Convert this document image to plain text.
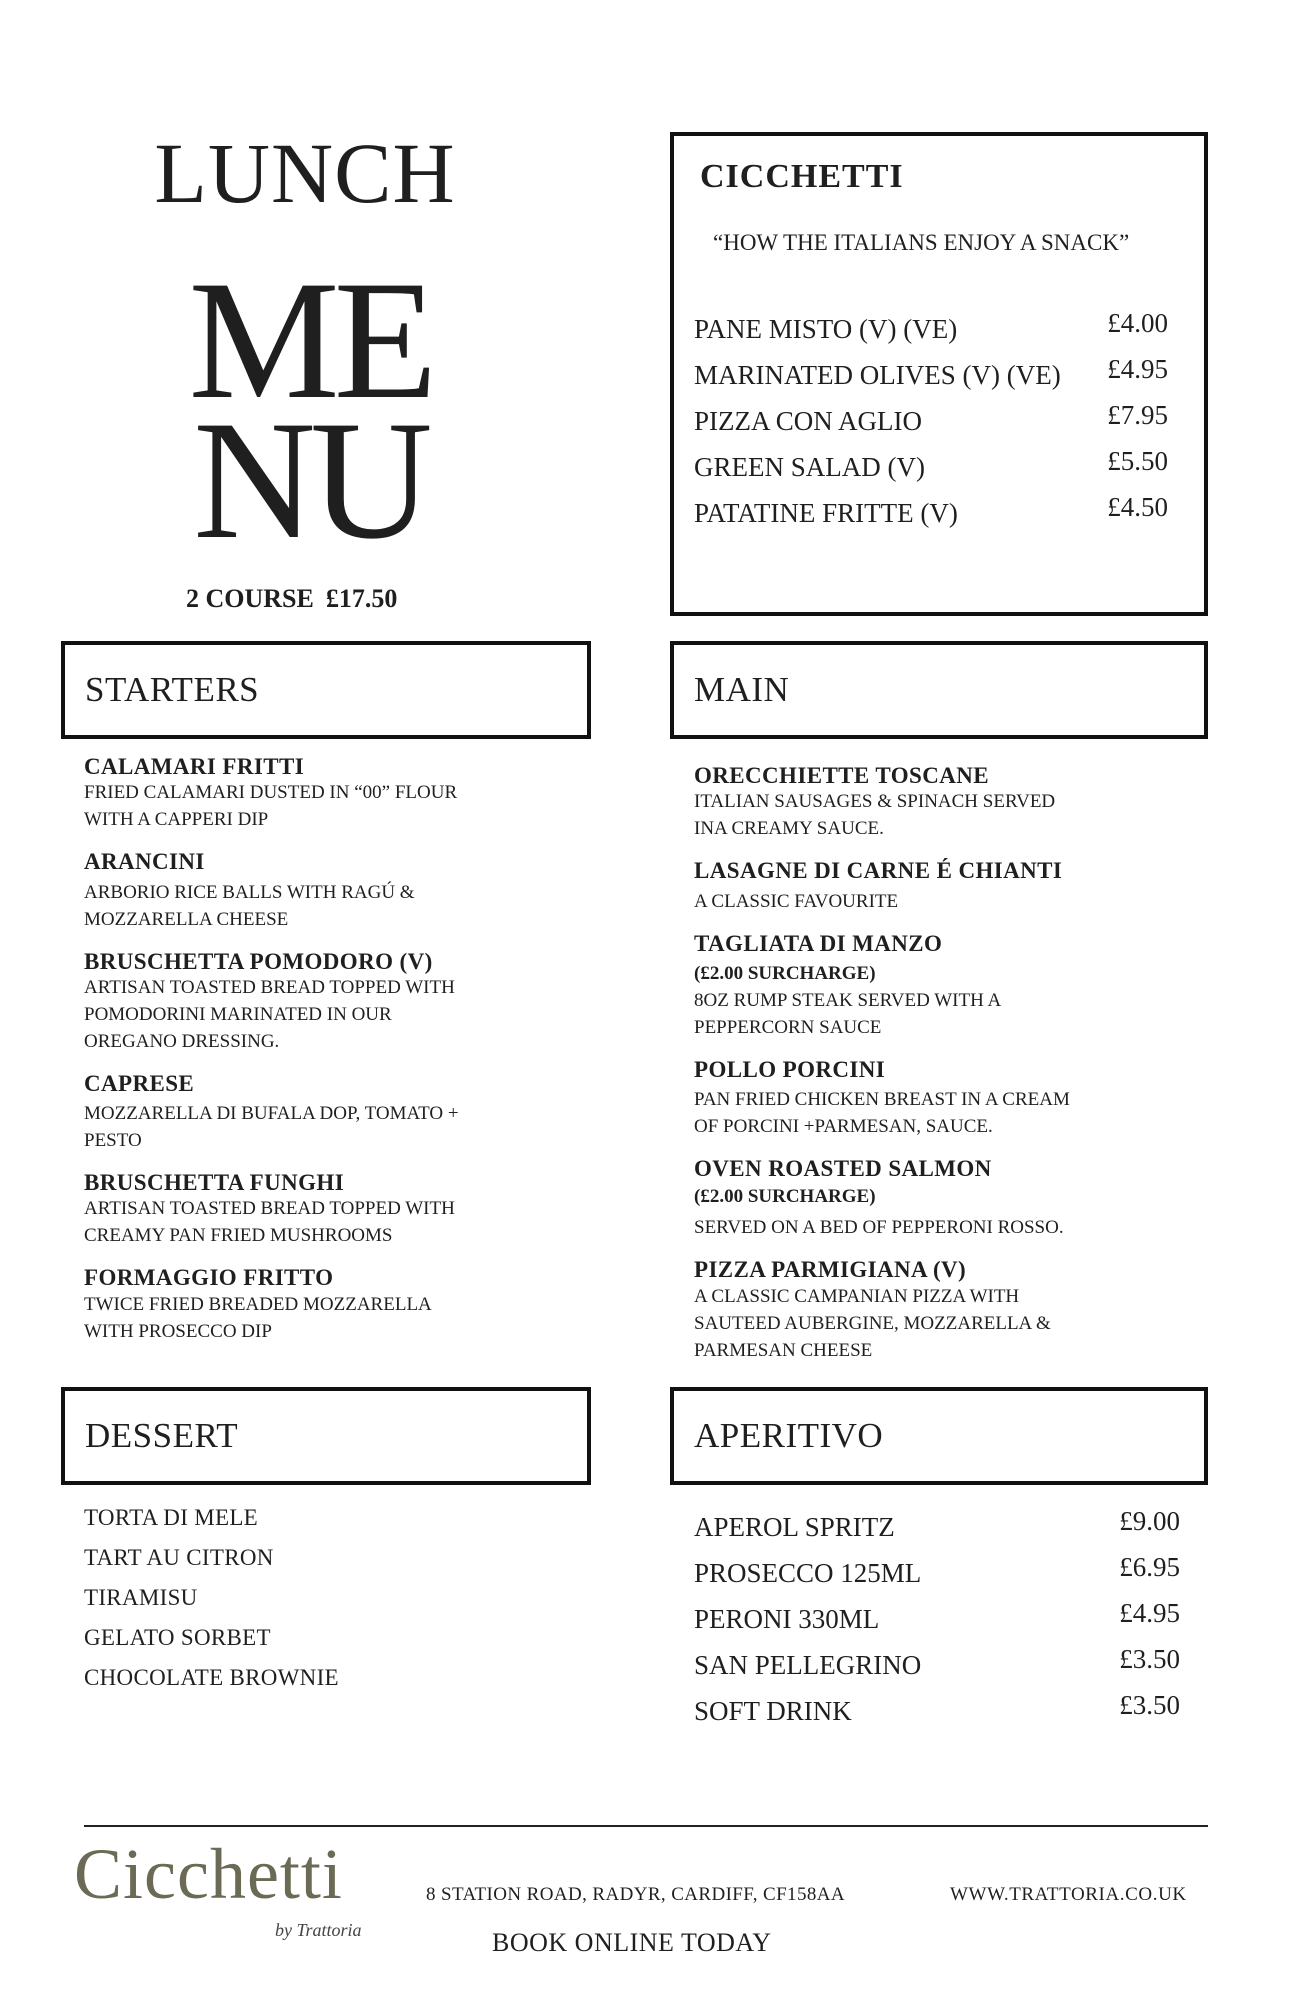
LUNCH
ME
NU
2 COURSE £17.50
CICCHETTI
“HOW THE ITALIANS ENJOY A SNACK”
PANE MISTO (V) (VE)	£4.00
MARINATED OLIVES (V) (VE) £4.95
PIZZA CON AGLIO	£7.95
GREEN SALAD (V)	£5.50
PATATINE FRITTE (V)	£4.50
STARTERS
CALAMARI FRITTI
FRIED CALAMARI DUSTED IN “00” FLOUR
WITH A CAPPERI DIP
ARANCINI
ARBORIO RICE BALLS WITH RAGÚ &
MOZZARELLA CHEESE
BRUSCHETTA POMODORO (V)
ARTISAN TOASTED BREAD TOPPED WITH
POMODORINI MARINATED IN OUR
OREGANO DRESSING.
CAPRESE
MOZZARELLA DI BUFALA DOP, TOMATO +
PESTO
BRUSCHETTA FUNGHI
ARTISAN TOASTED BREAD TOPPED WITH
CREAMY PAN FRIED MUSHROOMS
FORMAGGIO FRITTO
TWICE FRIED BREADED MOZZARELLA
WITH PROSECCO DIP
MAIN
ORECCHIETTE TOSCANE
ITALIAN SAUSAGES & SPINACH SERVED
INA CREAMY SAUCE.
LASAGNE DI CARNE É CHIANTI
A CLASSIC FAVOURITE
TAGLIATA DI MANZO
(£2.00 SURCHARGE)
8OZ RUMP STEAK SERVED WITH A
PEPPERCORN SAUCE
POLLO PORCINI
PAN FRIED CHICKEN BREAST IN A CREAM
OF PORCINI +PARMESAN, SAUCE.
OVEN ROASTED SALMON
(£2.00 SURCHARGE)
SERVED ON A BED OF PEPPERONI ROSSO.
PIZZA PARMIGIANA (V)
A CLASSIC CAMPANIAN PIZZA WITH
SAUTEED AUBERGINE, MOZZARELLA &
PARMESAN CHEESE
DESSERT
TORTA DI MELE
TART AU CITRON
TIRAMISU
GELATO SORBET
CHOCOLATE BROWNIE
APERITIVO
APEROL SPRITZ	£9.00
PROSECCO 125ML	£6.95
PERONI 330ML	£4.95
SAN PELLEGRINO	£3.50
SOFT DRINK	£3.50
Cicchetti
by Trattoria
8 STATION ROAD, RADYR, CARDIFF, CF158AA	WWW.TRATTORIA.CO.UK
BOOK ONLINE TODAY
